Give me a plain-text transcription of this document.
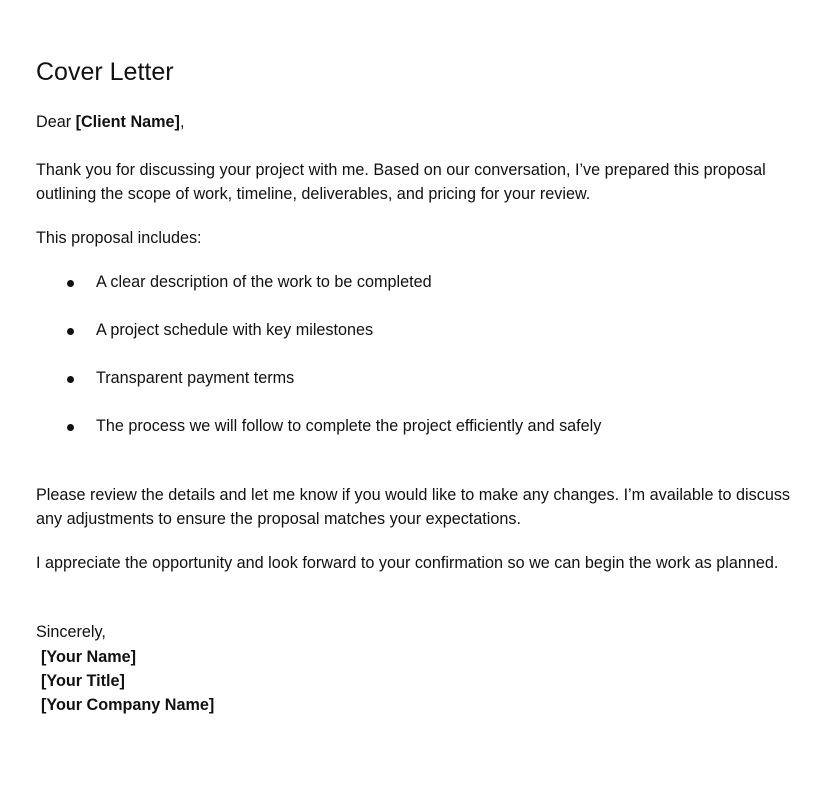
Cover Letter

Dear [Client Name],

Thank you for discussing your project with me. Based on our conversation, I’ve prepared this proposal outlining the scope of work, timeline, deliverables, and pricing for your review.

This proposal includes:

A clear description of the work to be completed
A project schedule with key milestones
Transparent payment terms
The process we will follow to complete the project efficiently and safely

Please review the details and let me know if you would like to make any changes. I’m available to discuss any adjustments to ensure the proposal matches your expectations.

I appreciate the opportunity and look forward to your confirmation so we can begin the work as planned.

Sincerely,

[Your Name]
[Your Title]
[Your Company Name]
